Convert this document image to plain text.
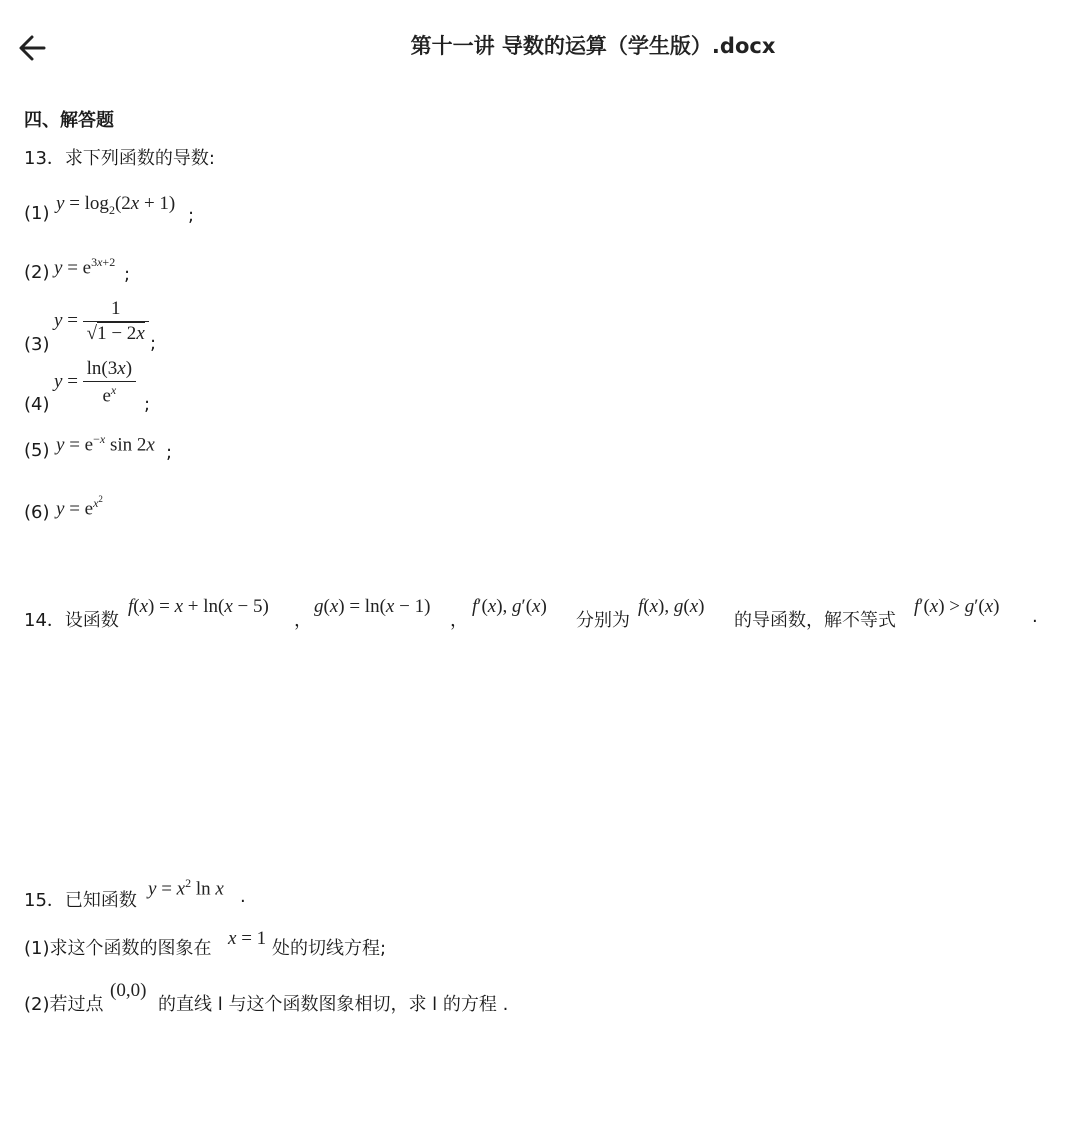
第十一讲 导数的运算（学生版）.docx
四、解答题
13．求下列函数的导数:
(1) $y = \log_2(2x + 1)$
;
(2) $y = e^{3x+2}$
;
(3)
$y = \frac{1}{√1 - 2x}$ ;
(4)
$y = \frac{\ln(3x)}{e^x}$ ;
(5) $y = e^{-x}$ sin 2x ;
(6) $y = e^{x^2}$
14．设函数
f(x) = x + ln(x − 5)
，
g(x) = ln(x − 1)
，
f′(x), g′(x)
分别为
f(x), g(x)
的导函数，解不等式
f′(x) > g′(x) .
15．已知函数
$y = x^2$ ln x .
(1)求这个函数的图象在 x = 1 处的切线方程;
(2)若过点
(0,0)
的直线 l 与这个函数图象相切，求 l 的方程 .
